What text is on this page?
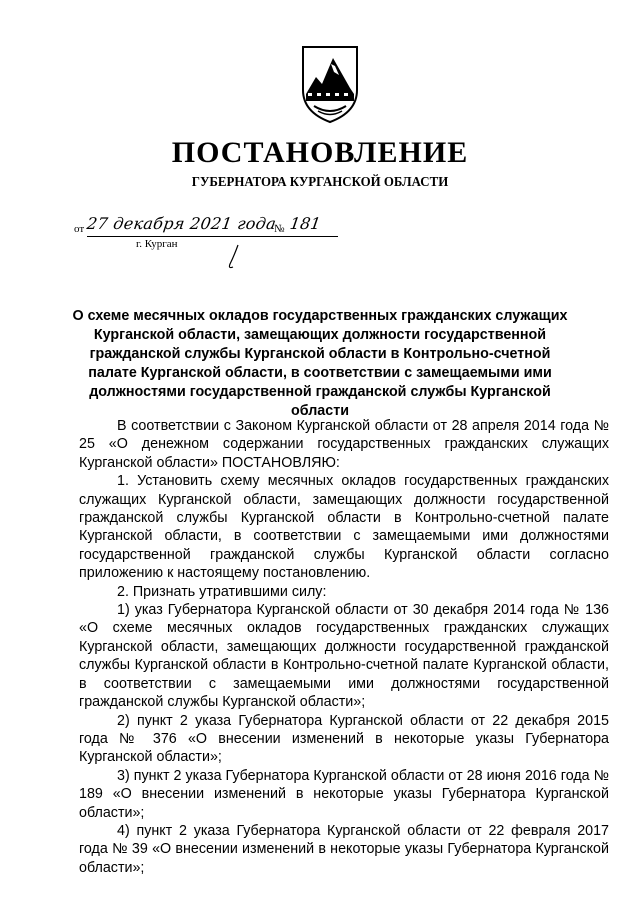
ПОСТАНОВЛЕНИЕ
ГУБЕРНАТОРА КУРГАНСКОЙ ОБЛАСТИ
от 27 декабря 2021 года
№ 181
г. Курган
О схеме месячных окладов государственных гражданских служащих Курганской области, замещающих должности государственной гражданской службы Курганской области в Контрольно-счетной палате Курганской области, в соответствии с замещаемыми ими должностями государственной гражданской службы Курганской области

В соответствии с Законом Курганской области от 28 апреля 2014 года № 25 «О денежном содержании государственных гражданских служащих Курганской области» ПОСТАНОВЛЯЮ:

1. Установить схему месячных окладов государственных гражданских служащих Курганской области, замещающих должности государственной гражданской службы Курганской области в Контрольно-счетной палате Курганской области, в соответствии с замещаемыми ими должностями государственной гражданской службы Курганской области согласно приложению к настоящему постановлению.

2. Признать утратившими силу:

1) указ Губернатора Курганской области от 30 декабря 2014 года № 136 «О схеме месячных окладов государственных гражданских служащих Курганской области, замещающих должности государственной гражданской службы Курганской области в Контрольно-счетной палате Курганской области, в соответствии с замещаемыми ими должностями государственной гражданской службы Курганской области»;

2) пункт 2 указа Губернатора Курганской области от 22 декабря 2015 года № 376 «О внесении изменений в некоторые указы Губернатора Курганской области»;

3) пункт 2 указа Губернатора Курганской области от 28 июня 2016 года № 189 «О внесении изменений в некоторые указы Губернатора Курганской области»;

4) пункт 2 указа Губернатора Курганской области от 22 февраля 2017 года № 39 «О внесении изменений в некоторые указы Губернатора Курганской области»;
